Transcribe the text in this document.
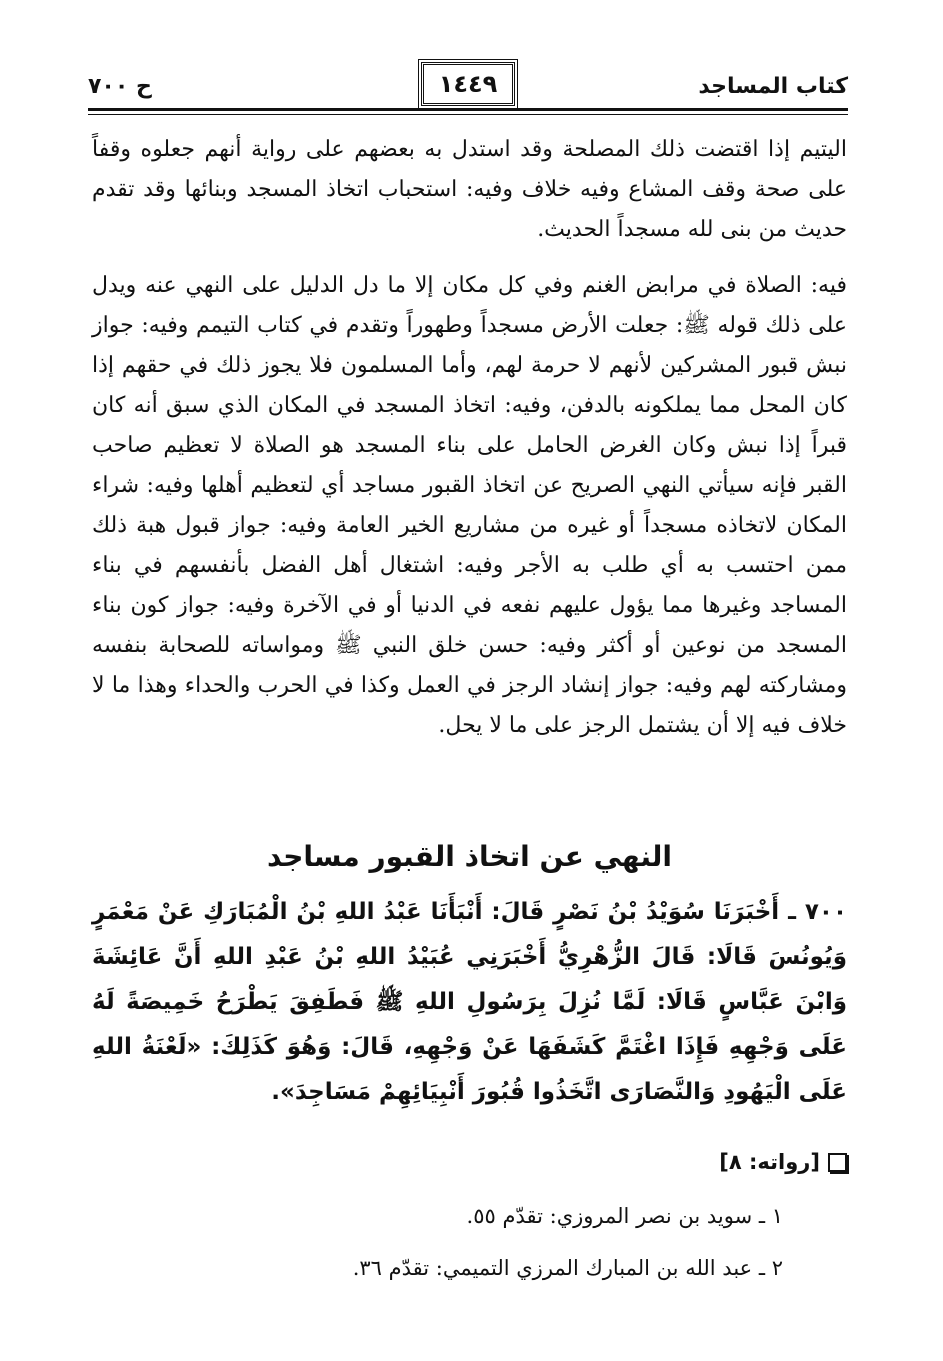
كتاب المساجد
١٤٤٩
ح ٧٠٠

اليتيم إذا اقتضت ذلك المصلحة وقد استدل به بعضهم على رواية أنهم جعلوه وقفاً على صحة وقف المشاع وفيه خلاف وفيه: استحباب اتخاذ المسجد وبنائها وقد تقدم حديث من بنى لله مسجداً الحديث.

فيه: الصلاة في مرابض الغنم وفي كل مكان إلا ما دل الدليل على النهي عنه ويدل على ذلك قوله ﷺ: جعلت الأرض مسجداً وطهوراً وتقدم في كتاب التيمم وفيه: جواز نبش قبور المشركين لأنهم لا حرمة لهم، وأما المسلمون فلا يجوز ذلك في حقهم إذا كان المحل مما يملكونه بالدفن، وفيه: اتخاذ المسجد في المكان الذي سبق أنه كان قبراً إذا نبش وكان الغرض الحامل على بناء المسجد هو الصلاة لا تعظيم صاحب القبر فإنه سيأتي النهي الصريح عن اتخاذ القبور مساجد أي لتعظيم أهلها وفيه: شراء المكان لاتخاذه مسجداً أو غيره من مشاريع الخير العامة وفيه: جواز قبول هبة ذلك ممن احتسب به أي طلب به الأجر وفيه: اشتغال أهل الفضل بأنفسهم في بناء المساجد وغيرها مما يؤول عليهم نفعه في الدنيا أو في الآخرة وفيه: جواز كون بناء المسجد من نوعين أو أكثر وفيه: حسن خلق النبي ﷺ ومواساته للصحابة بنفسه ومشاركته لهم وفيه: جواز إنشاد الرجز في العمل وكذا في الحرب والحداء وهذا ما لا خلاف فيه إلا أن يشتمل الرجز على ما لا يحل.

النهي عن اتخاذ القبور مساجد

٧٠٠ ـ أَخْبَرَنَا سُوَيْدُ بْنُ نَصْرٍ قَالَ: أَنْبَأَنَا عَبْدُ اللهِ بْنُ الْمُبَارَكِ عَنْ مَعْمَرٍ وَيُونُسَ قَالَا: قَالَ الزُّهْرِيُّ أَخْبَرَنِي عُبَيْدُ اللهِ بْنُ عَبْدِ اللهِ أَنَّ عَائِشَةَ وَابْنَ عَبَّاسٍ قَالَا: لَمَّا نُزِلَ بِرَسُولِ اللهِ ﷺ فَطَفِقَ يَطْرَحُ خَمِيصَةً لَهُ عَلَى وَجْهِهِ فَإِذَا اغْتَمَّ كَشَفَهَا عَنْ وَجْهِهِ، قَالَ: وَهُوَ كَذَلِكَ: «لَعْنَةُ اللهِ عَلَى الْيَهُودِ وَالنَّصَارَى اتَّخَذُوا قُبُورَ أَنْبِيَائِهِمْ مَسَاجِدَ».

[رواته: ٨]
١ ـ سويد بن نصر المروزي: تقدّم ٥٥.
٢ ـ عبد الله بن المبارك المرزي التميمي: تقدّم ٣٦.
